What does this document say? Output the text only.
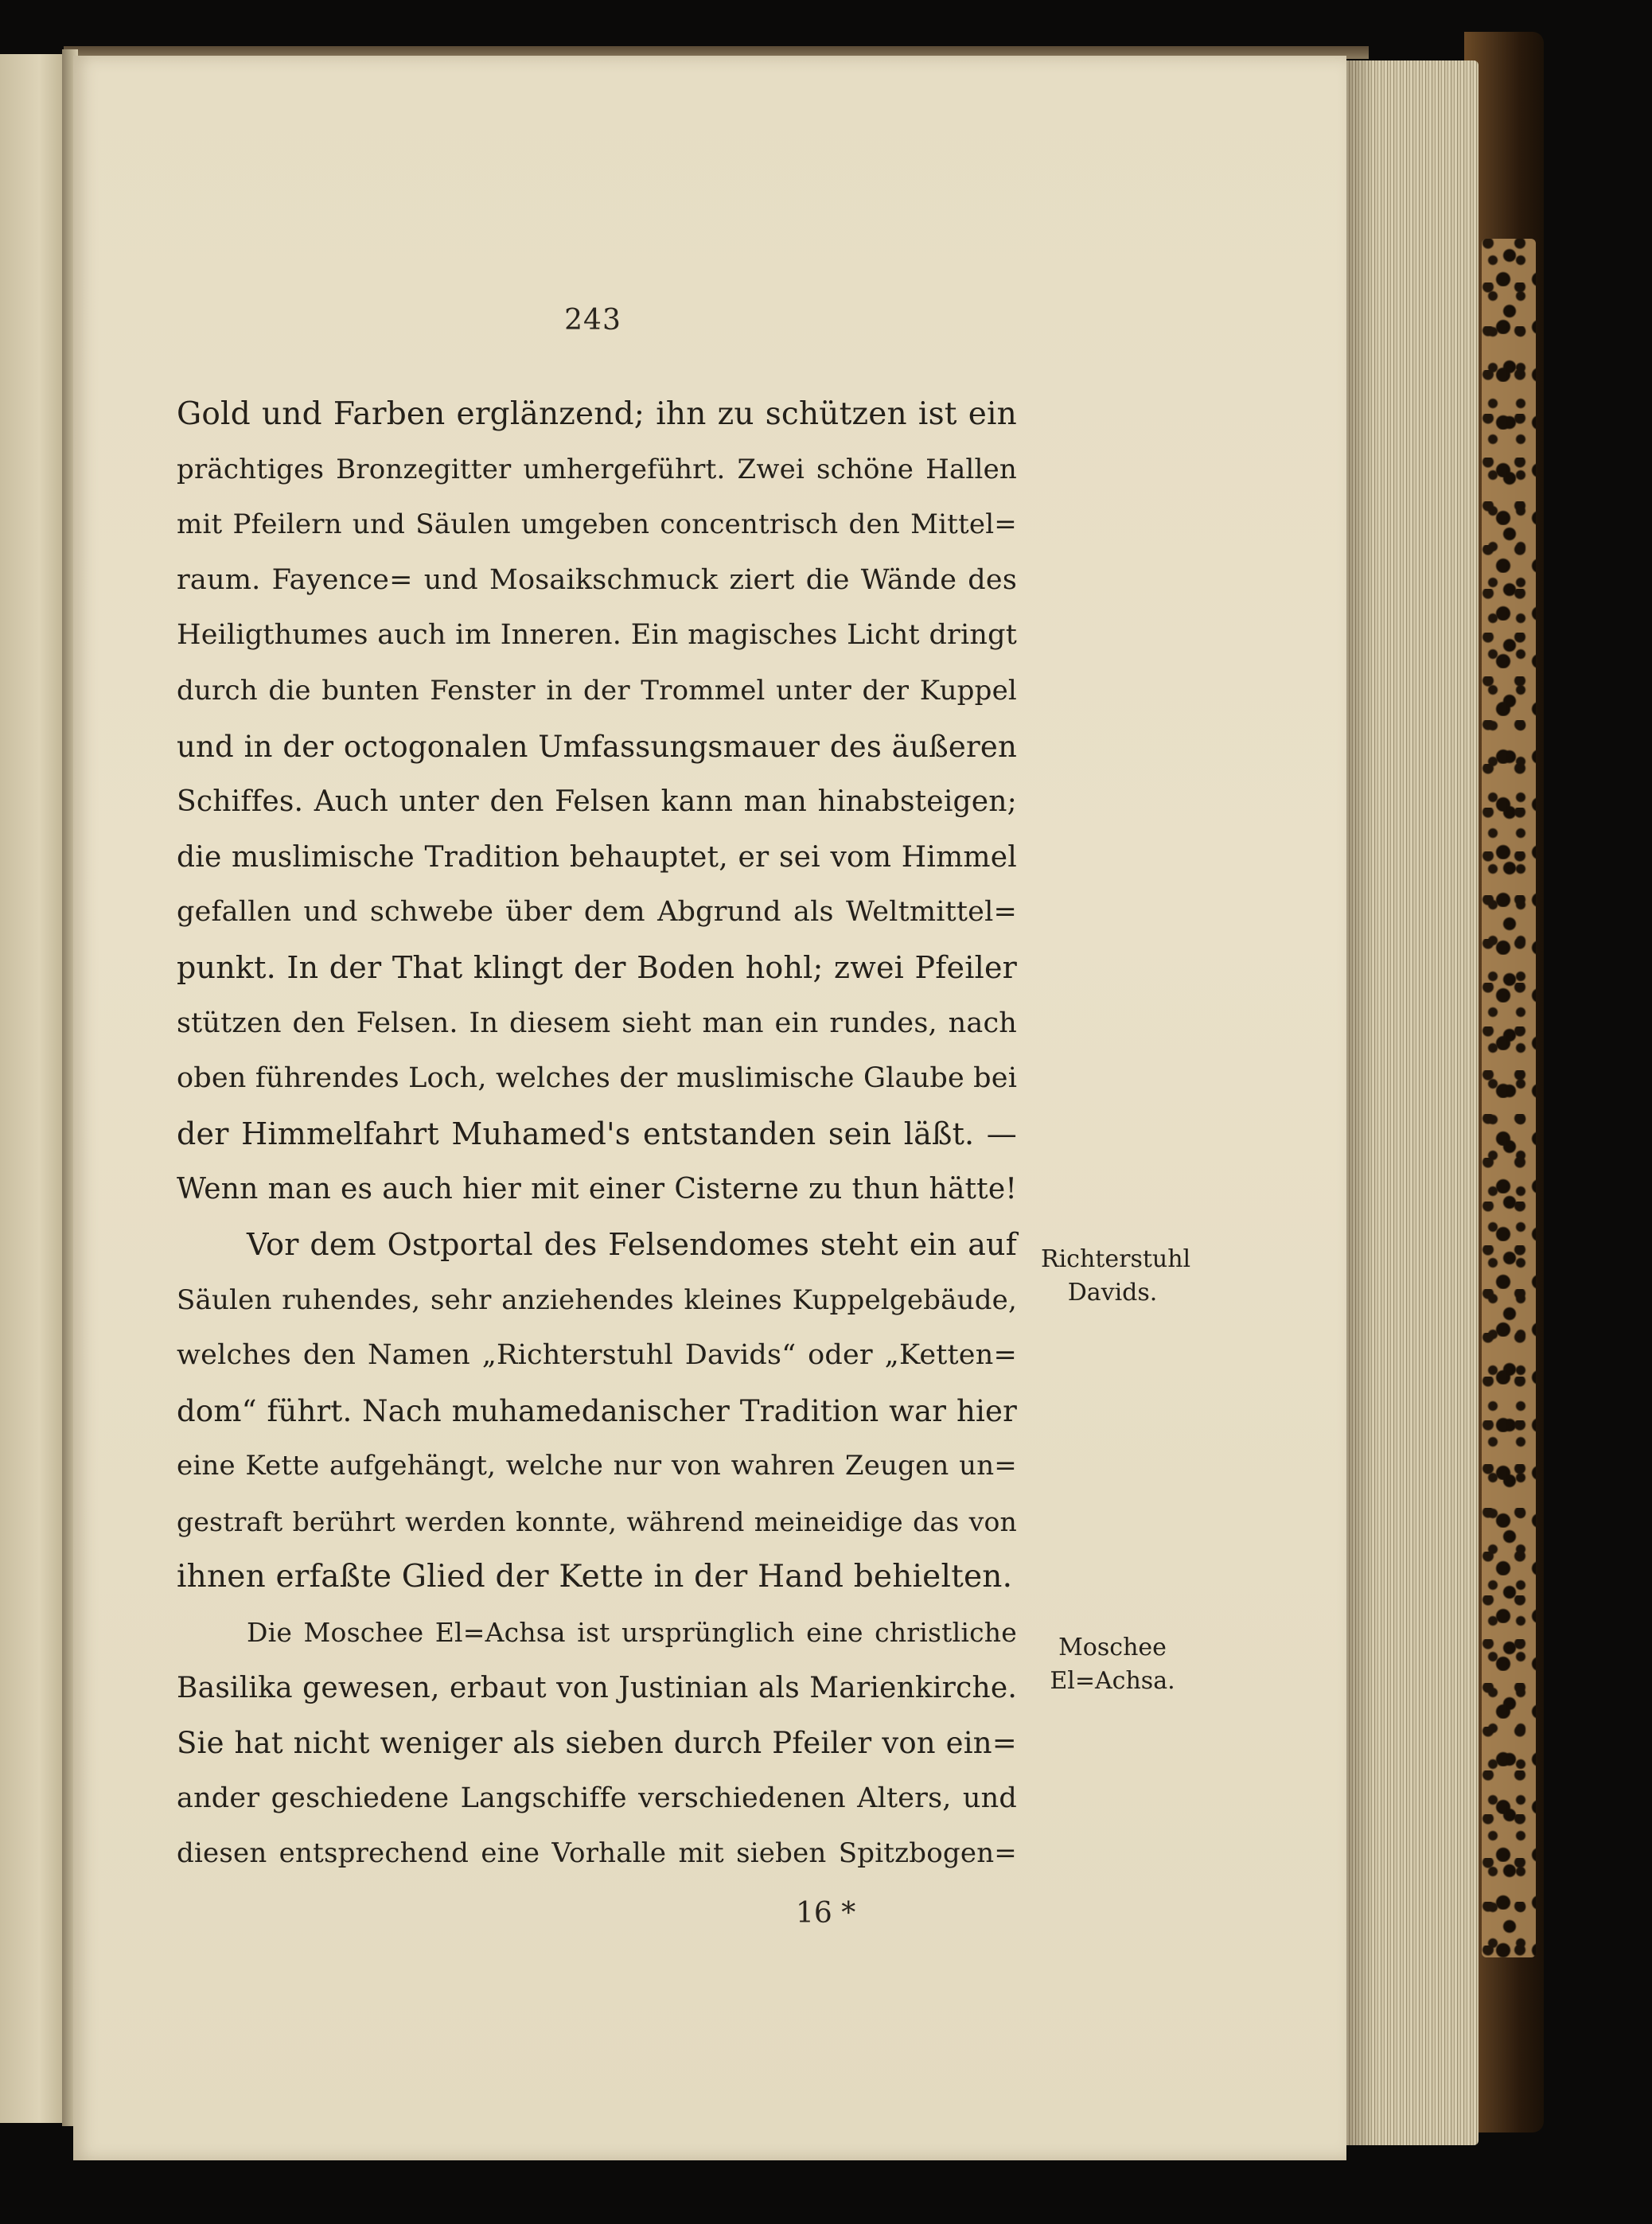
243
Gold und Farben erglänzend; ihn zu schützen ist ein
prächtiges Bronzegitter umhergeführt. Zwei schöne Hallen
mit Pfeilern und Säulen umgeben concentrisch den Mittel=
raum. Fayence= und Mosaikschmuck ziert die Wände des
Heiligthumes auch im Inneren. Ein magisches Licht dringt
durch die bunten Fenster in der Trommel unter der Kuppel
und in der octogonalen Umfassungsmauer des äußeren
Schiffes. Auch unter den Felsen kann man hinabsteigen;
die muslimische Tradition behauptet, er sei vom Himmel
gefallen und schwebe über dem Abgrund als Weltmittel=
punkt. In der That klingt der Boden hohl; zwei Pfeiler
stützen den Felsen. In diesem sieht man ein rundes, nach
oben führendes Loch, welches der muslimische Glaube bei
der Himmelfahrt Muhamed's entstanden sein läßt. —
Wenn man es auch hier mit einer Cisterne zu thun hätte!
Vor dem Ostportal des Felsendomes steht ein auf
Säulen ruhendes, sehr anziehendes kleines Kuppelgebäude,
welches den Namen „Richterstuhl Davids“ oder „Ketten=
dom“ führt. Nach muhamedanischer Tradition war hier
eine Kette aufgehängt, welche nur von wahren Zeugen un=
gestraft berührt werden konnte, während meineidige das von
ihnen erfaßte Glied der Kette in der Hand behielten.
Die Moschee El=Achsa ist ursprünglich eine christliche
Basilika gewesen, erbaut von Justinian als Marienkirche.
Sie hat nicht weniger als sieben durch Pfeiler von ein=
ander geschiedene Langschiffe verschiedenen Alters, und
diesen entsprechend eine Vorhalle mit sieben Spitzbogen=
Richterstuhl
Davids.
Moschee
El=Achsa.
16 *
